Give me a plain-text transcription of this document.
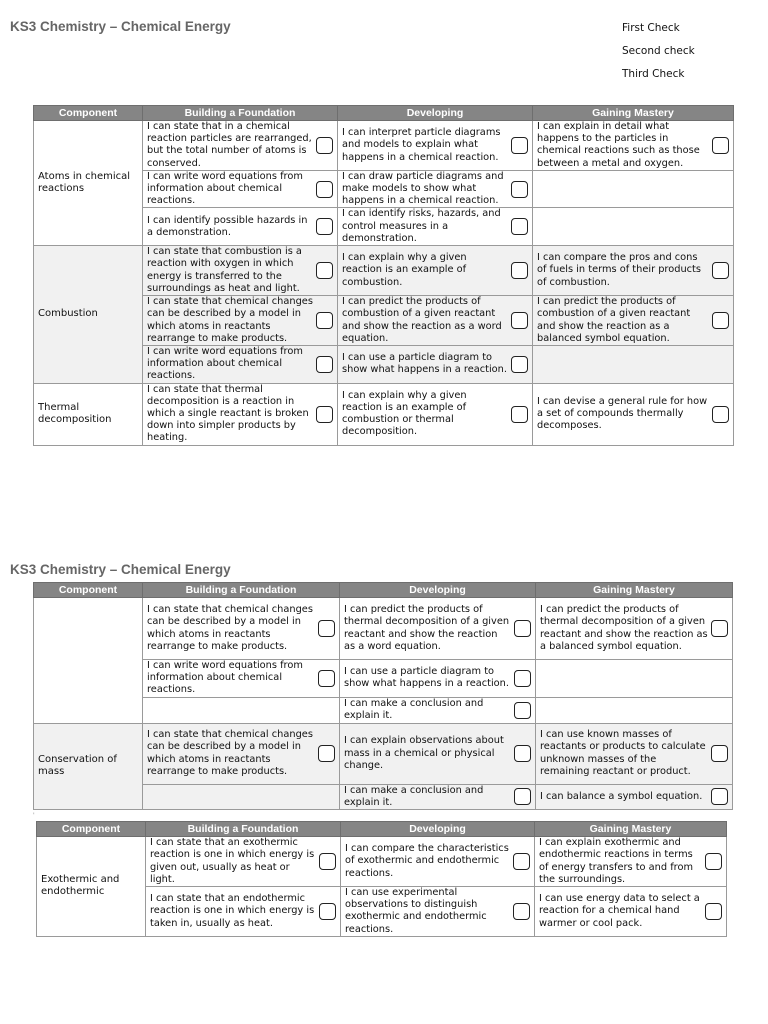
KS3 Chemistry – Chemical Energy	First Check
Second check
Third Check
Component	Building a Foundation	Developing	Gaining Mastery
Atoms in chemical reactions	I can state that in a chemical reaction particles are rearranged, but the total number of atoms is conserved.	I can interpret particle diagrams and models to explain what happens in a chemical reaction.	I can explain in detail what happens to the particles in chemical reactions such as those between a metal and oxygen.

	I can write word equations from information about chemical reactions.	I can draw particle diagrams and make models to show what happens in a chemical reaction.	

	I can identify possible hazards in a demonstration.	I can identify risks, hazards, and control measures in a demonstration.	

Combustion	I can state that combustion is a reaction with oxygen in which energy is transferred to the surroundings as heat and light.	I can explain why a given reaction is an example of combustion.	I can compare the pros and cons of fuels in terms of their products of combustion.

	I can state that chemical changes can be described by a model in which atoms in reactants rearrange to make products.	I can predict the products of combustion of a given reactant and show the reaction as a word equation.	I can predict the products of combustion of a given reactant and show the reaction as a balanced symbol equation.

	I can write word equations from information about chemical reactions.	I can use a particle diagram to show what happens in a reaction.	

Thermal decomposition	I can state that thermal decomposition is a reaction in which a single reactant is broken down into simpler products by heating.	I can explain why a given reaction is an example of combustion or thermal decomposition.	I can devise a general rule for how a set of compounds thermally decomposes.
KS3 Chemistry – Chemical Energy
Component	Building a Foundation	Developing	Gaining Mastery

	I can state that chemical changes can be described by a model in which atoms in reactants rearrange to make products.	I can predict the products of thermal decomposition of a given reactant and show the reaction as a word equation.	I can predict the products of thermal decomposition of a given reactant and show the reaction as a balanced symbol equation.

	I can write word equations from information about chemical reactions.	I can use a particle diagram to show what happens in a reaction.	

		I can make a conclusion and explain it.	

Conservation of mass	I can state that chemical changes can be described by a model in which atoms in reactants rearrange to make products.	I can explain observations about mass in a chemical or physical change.	I can use known masses of reactants or products to calculate unknown masses of the remaining reactant or product.

		I can make a conclusion and explain it.	I can balance a symbol equation.
'
Component	Building a Foundation	Developing	Gaining Mastery
Exothermic and endothermic	I can state that an exothermic reaction is one in which energy is given out, usually as heat or light.	I can compare the characteristics of exothermic and endothermic reactions.	I can explain exothermic and endothermic reactions in terms of energy transfers to and from the surroundings.

	I can state that an endothermic reaction is one in which energy is taken in, usually as heat.	I can use experimental observations to distinguish exothermic and endothermic reactions.	I can use energy data to select a reaction for a chemical hand warmer or cool pack.
